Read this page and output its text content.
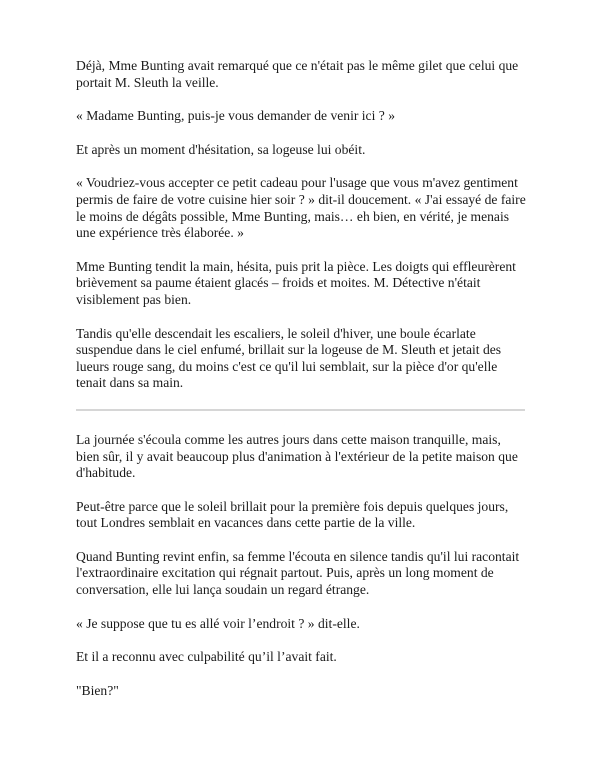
Déjà, Mme Bunting avait remarqué que ce n'était pas le même gilet que celui que portait M. Sleuth la veille.

« Madame Bunting, puis-je vous demander de venir ici ? »

Et après un moment d'hésitation, sa logeuse lui obéit.

« Voudriez-vous accepter ce petit cadeau pour l'usage que vous m'avez gentiment permis de faire de votre cuisine hier soir ? » dit-il doucement. « J'ai essayé de faire le moins de dégâts possible, Mme Bunting, mais… eh bien, en vérité, je menais une expérience très élaborée. »

Mme Bunting tendit la main, hésita, puis prit la pièce. Les doigts qui effleurèrent brièvement sa paume étaient glacés – froids et moites. M. Détective n'était visiblement pas bien.

Tandis qu'elle descendait les escaliers, le soleil d'hiver, une boule écarlate suspendue dans le ciel enfumé, brillait sur la logeuse de M. Sleuth et jetait des lueurs rouge sang, du moins c'est ce qu'il lui semblait, sur la pièce d'or qu'elle tenait dans sa main.

La journée s'écoula comme les autres jours dans cette maison tranquille, mais, bien sûr, il y avait beaucoup plus d'animation à l'extérieur de la petite maison que d'habitude.

Peut-être parce que le soleil brillait pour la première fois depuis quelques jours, tout Londres semblait en vacances dans cette partie de la ville.

Quand Bunting revint enfin, sa femme l'écouta en silence tandis qu'il lui racontait l'extraordinaire excitation qui régnait partout. Puis, après un long moment de conversation, elle lui lança soudain un regard étrange.

« Je suppose que tu es allé voir l’endroit ? » dit-elle.

Et il a reconnu avec culpabilité qu’il l’avait fait.

"Bien?"
